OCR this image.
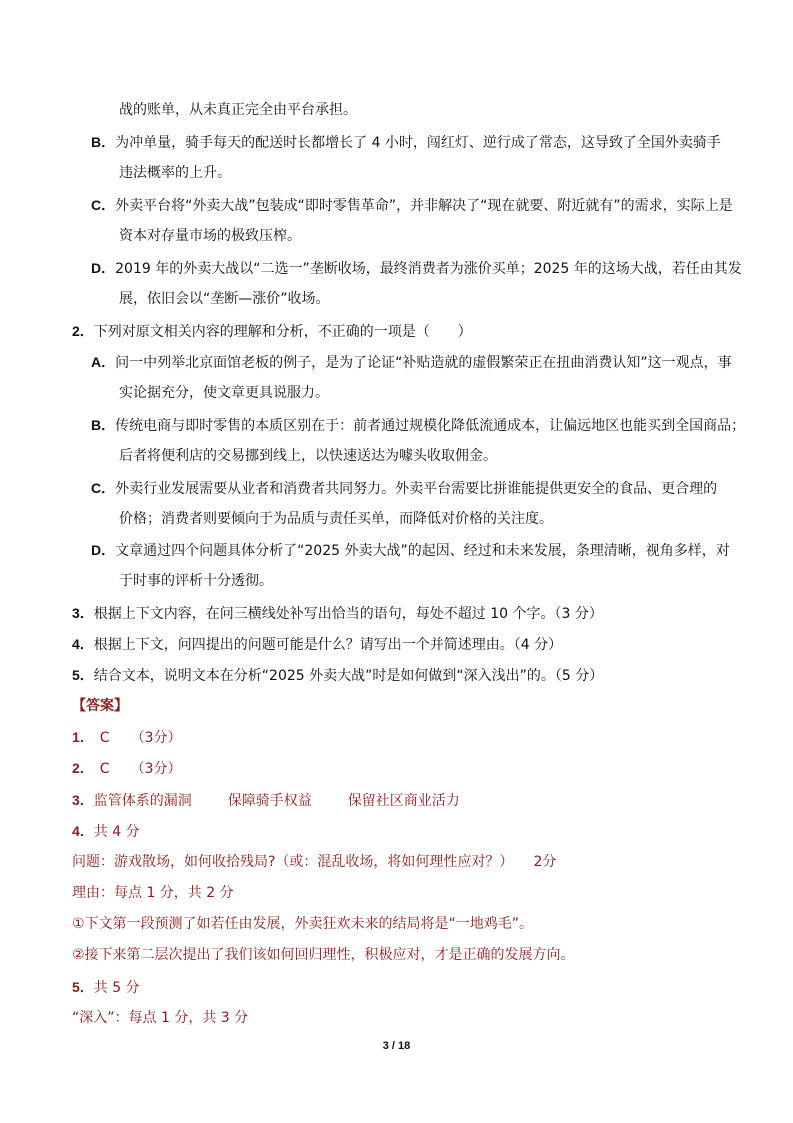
战的账单，从未真正完全由平台承担。
B．为冲单量，骑手每天的配送时长都增长了 4 小时，闯红灯、逆行成了常态，这导致了全国外卖骑手
违法概率的上升。
C．外卖平台将“外卖大战”包装成“即时零售革命”，并非解决了“现在就要、附近就有”的需求，实际上是
资本对存量市场的极致压榨。
D．2019 年的外卖大战以“二选一”垄断收场，最终消费者为涨价买单；2025 年的这场大战，若任由其发
展，依旧会以“垄断—涨价”收场。
2．下列对原文相关内容的理解和分析，不正确的一项是（　　）
A．问一中列举北京面馆老板的例子，是为了论证“补贴造就的虚假繁荣正在扭曲消费认知”这一观点，事
实论据充分，使文章更具说服力。
B．传统电商与即时零售的本质区别在于：前者通过规模化降低流通成本，让偏远地区也能买到全国商品；
后者将便利店的交易挪到线上，以快速送达为噱头收取佣金。
C．外卖行业发展需要从业者和消费者共同努力。外卖平台需要比拼谁能提供更安全的食品、更合理的
价格；消费者则要倾向于为品质与责任买单，而降低对价格的关注度。
D．文章通过四个问题具体分析了“2025 外卖大战”的起因、经过和未来发展，条理清晰，视角多样，对
于时事的评析十分透彻。
3．根据上下文内容，在问三横线处补写出恰当的语句，每处不超过 10 个字。（3 分）
4．根据上下文，问四提出的问题可能是什么？请写出一个并简述理由。（4 分）
5．结合文本，说明文本在分析“2025 外卖大战”时是如何做到“深入浅出”的。（5 分）
【答案】
1． C　　（3分）
2． C　　（3分）
3．监管体系的漏洞	保障骑手权益	保留社区商业活力
4．共 4 分
问题：游戏散场，如何收拾残局?（或：混乱收场，将如何理性应对？） 2分
理由：每点 1 分，共 2 分
①下文第一段预测了如若任由发展，外卖狂欢未来的结局将是“一地鸡毛”。
②接下来第二层次提出了我们该如何回归理性，积极应对，才是正确的发展方向。
5．共 5 分
“深入”：每点 1 分，共 3 分
3 / 18
